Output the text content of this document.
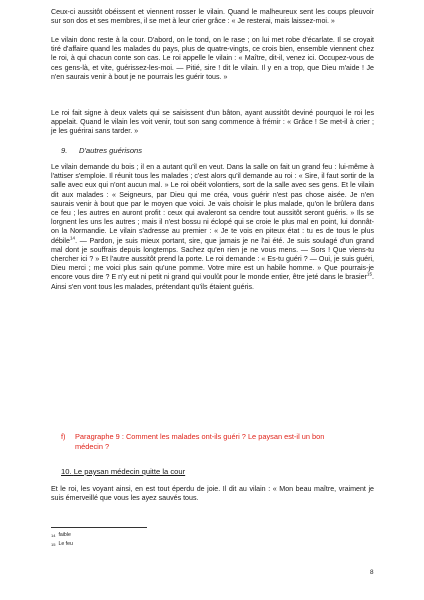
Ceux-ci aussitôt obéissent et viennent rosser le vilain. Quand le malheureux sent les coups pleuvoir sur son dos et ses membres, il se met à leur crier grâce : « Je resterai, mais laissez-moi. »

Le vilain donc reste à la cour. D'abord, on le tond, on le rase ; on lui met robe d'écarlate. Il se croyait tiré d'affaire quand les malades du pays, plus de quatre-vingts, ce crois bien, ensemble viennent chez le roi, à qui chacun conte son cas. Le roi appelle le vilain : « Maître, dit-il, venez ici. Occupez-vous de ces gens-là, et vite, guérissez-les-moi. — Pitié, sire ! dit le vilain. Il y en a trop, que Dieu m'aide ! Je n'en saurais venir à bout je ne pourrais les guérir tous. »

Le roi fait signe à deux valets qui se saisissent d'un bâton, ayant aussitôt deviné pourquoi le roi les appelait. Quand le vilain les voit venir, tout son sang commence à frémir : « Grâce ! Se met-il à crier ; je les guérirai sans tarder. »

9. D'autres guérisons

Le vilain demande du bois ; il en a autant qu'il en veut. Dans la salle on fait un grand feu : lui-même à l'attiser s'emploie. Il réunit tous les malades ; c'est alors qu'il demande au roi : « Sire, il faut sortir de la salle avec eux qui n'ont aucun mal. » Le roi obéit volontiers, sort de la salle avec ses gens. Et le vilain dit aux malades : « Seigneurs, par Dieu qui me créa, vous guérir n'est pas chose aisée. Je n'en saurais venir à bout que par le moyen que voici. Je vais choisir le plus malade, qu'on le brûlera dans ce feu ; les autres en auront profit : ceux qui avaleront sa cendre tout aussitôt seront guéris. » Ils se lorgnent les uns les autres ; mais il n'est bossu ni éclopé qui se croie le plus mal en point, lui donnât-on la Normandie. Le vilain s'adresse au premier : « Je te vois en piteux état : tu es de tous le plus débile$^{14}$. — Pardon, je suis mieux portant, sire, que jamais je ne l'ai été. Je suis soulagé d'un grand mal dont je souffrais depuis longtemps. Sachez qu'en rien je ne vous mens. — Sors ! Que viens-tu chercher ici ? » Et l'autre aussitôt prend la porte. Le roi demande : « Es-tu guéri ? — Oui, je suis guéri, Dieu merci ; me voici plus sain qu'une pomme. Votre mire est un habile homme. » Que pourrais-je encore vous dire ? E n'y eut ni petit ni grand qui voulût pour le monde entier, être jeté dans le brasier$^{15}$. Ainsi s'en vont tous les malades, prétendant qu'ils étaient guéris.

f) Paragraphe 9 : Comment les malades ont-ils guéri ? Le paysan est-il un bon
médecin ?
10. Le paysan médecin quitte la cour

Et le roi, les voyant ainsi, en est tout éperdu de joie. Il dit au vilain : « Mon beau maître, vraiment je suis émerveillé que vous les ayez sauvés tous.

$^{14}$ faible

$^{15}$ Le feu

8
